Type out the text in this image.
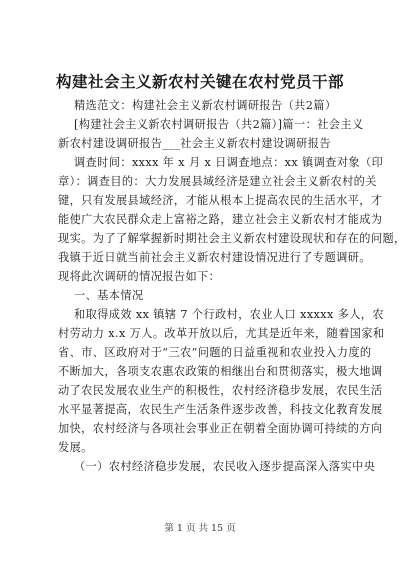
构建社会主义新农村关键在农村党员干部
精选范文：构建社会主义新农村调研报告（共2篇）
[构建社会主义新农村调研报告（共2篇）]篇一：社会主义
新农村建设调研报告___社会主义新农村建设调研报告
调查时间：xxxx 年 x 月 x 日调查地点：xx 镇调查对象（印
章）：调查目的：大力发展县域经济是建立社会主义新农村的关
键，只有发展县域经济，才能从根本上提高农民的生活水平，才
能使广大农民群众走上富裕之路，建立社会主义新农村才能成为
现实。为了了解掌握新时期社会主义新农村建设现状和存在的问题，
我镇于近日就当前社会主义新农村建设情况进行了专题调研。
现将此次调研的情况报告如下：
一、基本情况
和取得成效 xx 镇辖 7 个行政村，农业人口 xxxxx 多人，农
村劳动力 x.x 万人。改革开放以后，尤其是近年来，随着国家和
省、市、区政府对于“三农”问题的日益重视和农业投入力度的
不断加大，各项支农惠农政策的相继出台和贯彻落实，极大地调
动了农民发展农业生产的积极性，农村经济稳步发展，农民生活
水平显著提高，农民生产生活条件逐步改善，科技文化教育发展
加快，农村经济与各项社会事业正在朝着全面协调可持续的方向
发展。
（一）农村经济稳步发展，农民收入逐步提高深入落实中央
第 1 页 共 15 页
